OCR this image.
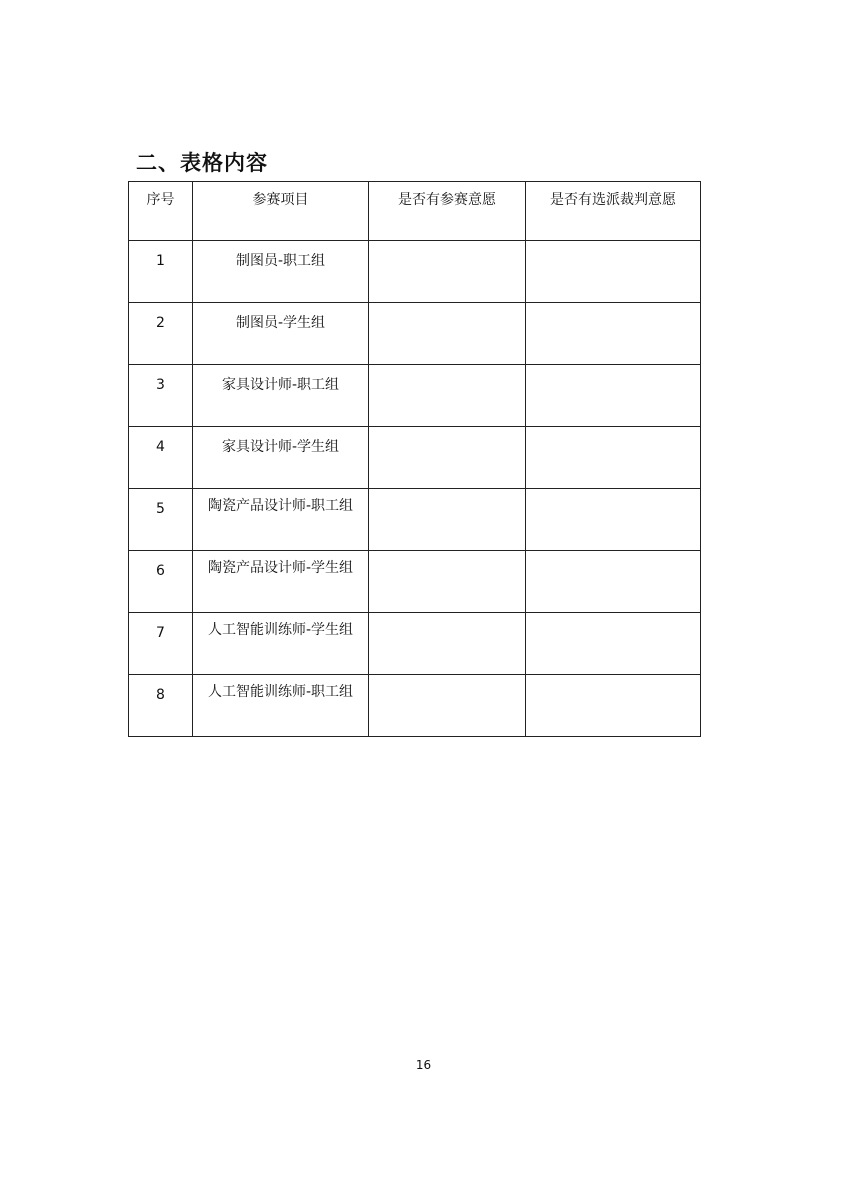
二、表格内容
序号	参赛项目	是否有参赛意愿	是否有选派裁判意愿
1	制图员-职工组		
2	制图员-学生组		
3	家具设计师-职工组		
4	家具设计师-学生组		
5	陶瓷产品设计师-职工组		
6	陶瓷产品设计师-学生组		
7	人工智能训练师-学生组		
8	人工智能训练师-职工组		
16
